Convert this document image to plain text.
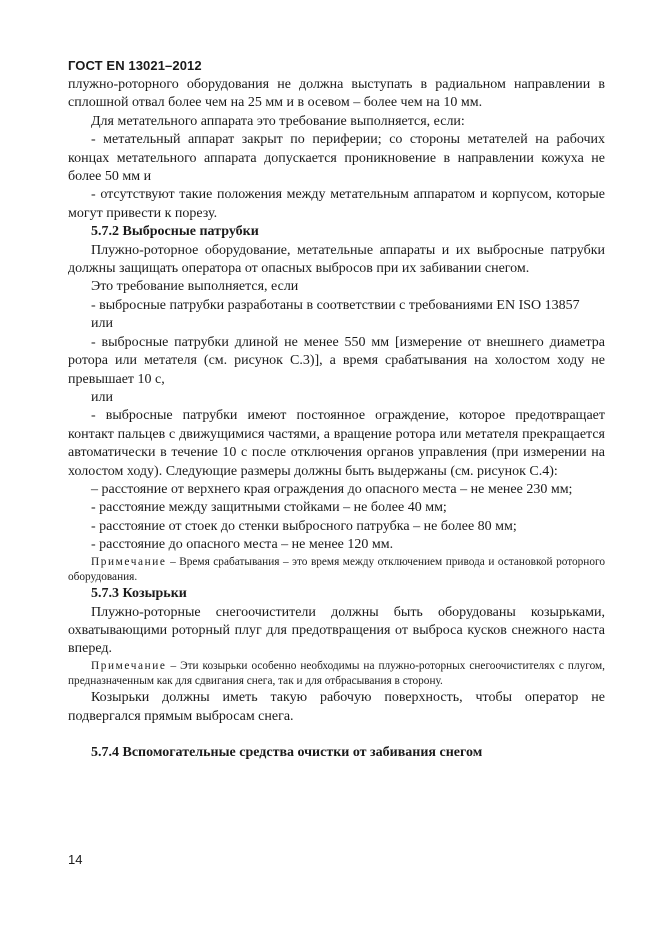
ГОСТ EN 13021–2012

плужно-роторного оборудования не должна выступать в радиальном направлении в сплошной отвал более чем на 25 мм и в осевом – более чем на 10 мм.

Для метательного аппарата это требование выполняется, если:

- метательный аппарат закрыт по периферии; со стороны метателей на рабочих концах метательного аппарата допускается проникновение в направлении кожуха не более 50 мм и

- отсутствуют такие положения между метательным аппаратом и корпусом, которые могут привести к порезу.

5.7.2 Выбросные патрубки

Плужно-роторное оборудование, метательные аппараты и их выбросные патрубки должны защищать оператора от опасных выбросов при их забивании снегом.

Это требование выполняется, если

- выбросные патрубки разработаны в соответствии с требованиями EN ISO 13857

или

- выбросные патрубки длиной не менее 550 мм [измерение от внешнего диаметра ротора или метателя (см. рисунок С.3)], а время срабатывания на холостом ходу не превышает 10 с,

или

- выбросные патрубки имеют постоянное ограждение, которое предотвращает контакт пальцев с движущимися частями, а вращение ротора или метателя прекращается автоматически в течение 10 с после отключения органов управления (при измерении на холостом ходу). Следующие размеры должны быть выдержаны (см. рисунок С.4):

– расстояние от верхнего края ограждения до опасного места – не менее 230 мм;

- расстояние между защитными стойками – не более 40 мм;

- расстояние от стоек до стенки выбросного патрубка – не более 80 мм;

- расстояние до опасного места – не менее 120 мм.

Примечание – Время срабатывания – это время между отключением привода и остановкой роторного оборудования.

5.7.3 Козырьки

Плужно-роторные снегоочистители должны быть оборудованы козырьками, охватывающими роторный плуг для предотвращения от выброса кусков снежного наста вперед.

Примечание – Эти козырьки особенно необходимы на плужно-роторных снегоочистителях с плугом, предназначенным как для сдвигания снега, так и для отбрасывания в сторону.

Козырьки должны иметь такую рабочую поверхность, чтобы оператор не подвергался прямым выбросам снега.

5.7.4 Вспомогательные средства очистки от забивания снегом
14
